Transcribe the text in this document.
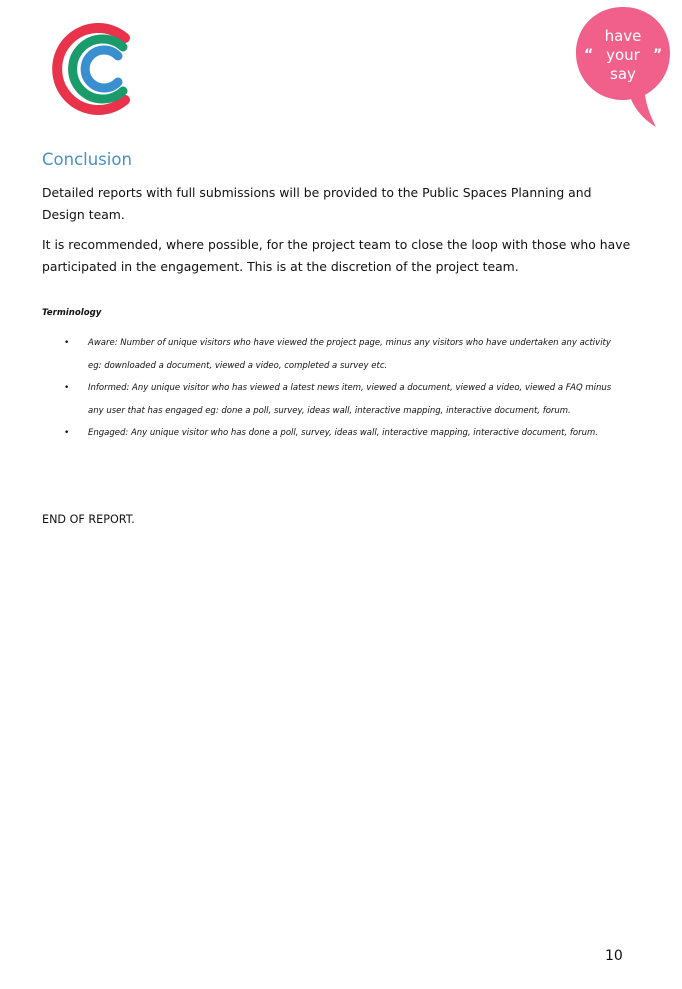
have
your
say
“	”
Conclusion

Detailed reports with full submissions will be provided to the Public Spaces Planning and Design team.

It is recommended, where possible, for the project team to close the loop with those who have participated in the engagement. This is at the discretion of the project team.

Terminology

• Aware: Number of unique visitors who have viewed the project page, minus any visitors who have undertaken any activity eg: downloaded a document, viewed a video, completed a survey etc.
• Informed: Any unique visitor who has viewed a latest news item, viewed a document, viewed a video, viewed a FAQ minus any user that has engaged eg: done a poll, survey, ideas wall, interactive mapping, interactive document, forum.
• Engaged: Any unique visitor who has done a poll, survey, ideas wall, interactive mapping, interactive document, forum.

END OF REPORT.

10
